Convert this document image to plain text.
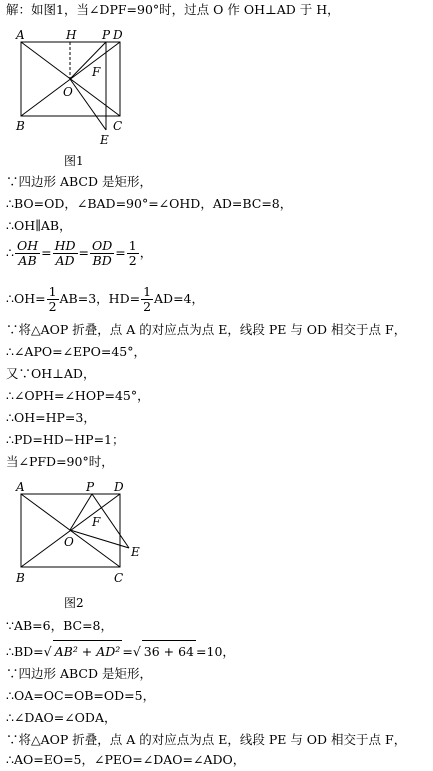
解：如图1，当∠DPF=90°时，过点 O 作 OH⊥AD 于 H，
A	H P D
F
O
B	C
E
图1
∵四边形 ABCD 是矩形，
∴BO=OD，∠BAD=90°=∠OHD，AD=BC=8，
∴OH∥AB，
∴ $\frac{OH}{AB} = \frac{HD}{AD} = \frac{OD}{BD} = \frac{1}{2}$ ，
∴OH= $\frac{1}{2} AB=3$，$HD= \frac{1}{2} AD=4$，
∵将△AOP 折叠，点 A 的对应点为点 E，线段 PE 与 OD 相交于点 F，
∴∠APO=∠EPO=45°，
又∵OH⊥AD，
∴∠OPH=∠HOP=45°，
∴OH=HP=3，
∴PD=HD−HP=1；
当∠PFD=90°时，
A	P D
F
O
E
B	C
图2
∵AB=6，BC=8，
∴BD=√ AB² + AD² =√ 36 + 64 =10，
∵四边形 ABCD 是矩形，
∴OA=OC=OB=OD=5，
∴∠DAO=∠ODA，
∵将△AOP 折叠，点 A 的对应点为点 E，线段 PE 与 OD 相交于点 F，
∴AO=EO=5，∠PEO=∠DAO=∠ADO，
